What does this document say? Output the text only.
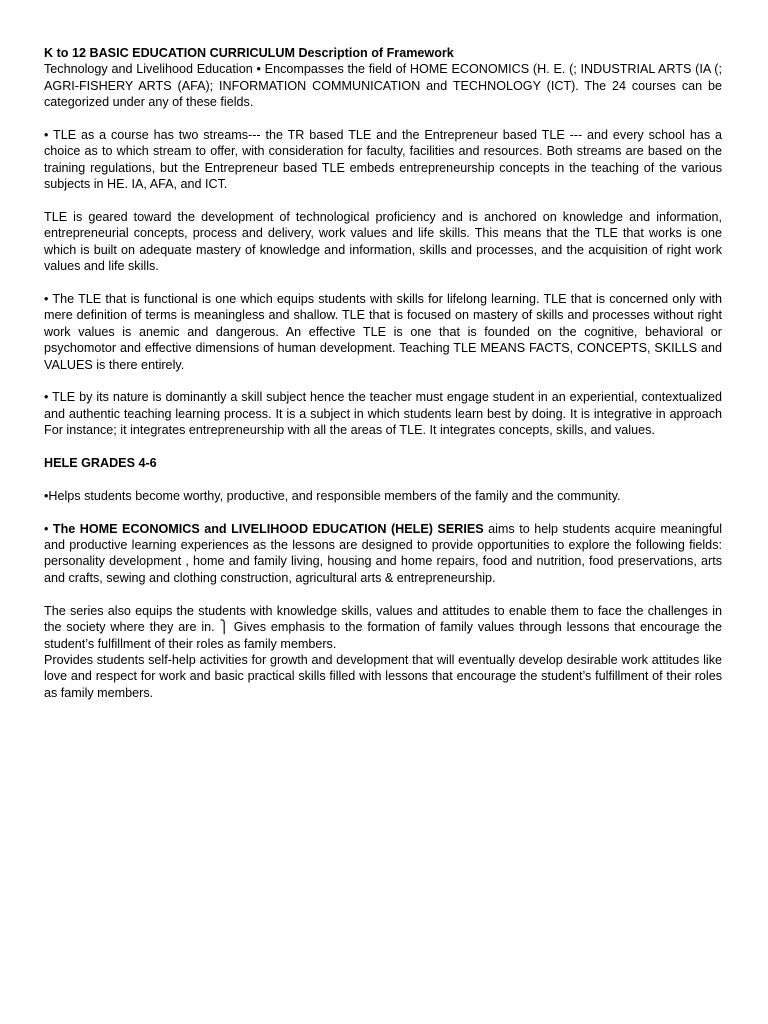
K to 12 BASIC EDUCATION CURRICULUM Description of Framework

Technology and Livelihood Education • Encompasses the field of HOME ECONOMICS (H. E. (; INDUSTRIAL ARTS (IA (; AGRI-FISHERY ARTS (AFA); INFORMATION COMMUNICATION and TECHNOLOGY (ICT). The 24 courses can be categorized under any of these fields.

• TLE as a course has two streams--- the TR based TLE and the Entrepreneur based TLE --- and every school has a choice as to which stream to offer, with consideration for faculty, facilities and resources. Both streams are based on the training regulations, but the Entrepreneur based TLE embeds entrepreneurship concepts in the teaching of the various subjects in HE. IA, AFA, and ICT.

TLE is geared toward the development of technological proficiency and is anchored on knowledge and information, entrepreneurial concepts, process and delivery, work values and life skills. This means that the TLE that works is one which is built on adequate mastery of knowledge and information, skills and processes, and the acquisition of right work values and life skills.

• The TLE that is functional is one which equips students with skills for lifelong learning. TLE that is concerned only with mere definition of terms is meaningless and shallow. TLE that is focused on mastery of skills and processes without right work values is anemic and dangerous. An effective TLE is one that is founded on the cognitive, behavioral or psychomotor and effective dimensions of human development. Teaching TLE MEANS FACTS, CONCEPTS, SKILLS and VALUES is there entirely.

• TLE by its nature is dominantly a skill subject hence the teacher must engage student in an experiential, contextualized and authentic teaching learning process. It is a subject in which students learn best by doing. It is integrative in approach For instance; it integrates entrepreneurship with all the areas of TLE. It integrates concepts, skills, and values.

HELE GRADES 4-6

•Helps students become worthy, productive, and responsible members of the family and the community.

• The HOME ECONOMICS and LIVELIHOOD EDUCATION (HELE) SERIES aims to help students acquire meaningful and productive learning experiences as the lessons are designed to provide opportunities to explore the following fields: personality development , home and family living, housing and home repairs, food and nutrition, food preservations, arts and crafts, sewing and clothing construction, agricultural arts & entrepreneurship.

The series also equips the students with knowledge skills, values and attitudes to enable them to face the challenges in the society where they are in. ⎫ Gives emphasis to the formation of family values through lessons that encourage the student’s fulfillment of their roles as family members.

Provides students self-help activities for growth and development that will eventually develop desirable work attitudes like love and respect for work and basic practical skills filled with lessons that encourage the student’s fulfillment of their roles as family members.
